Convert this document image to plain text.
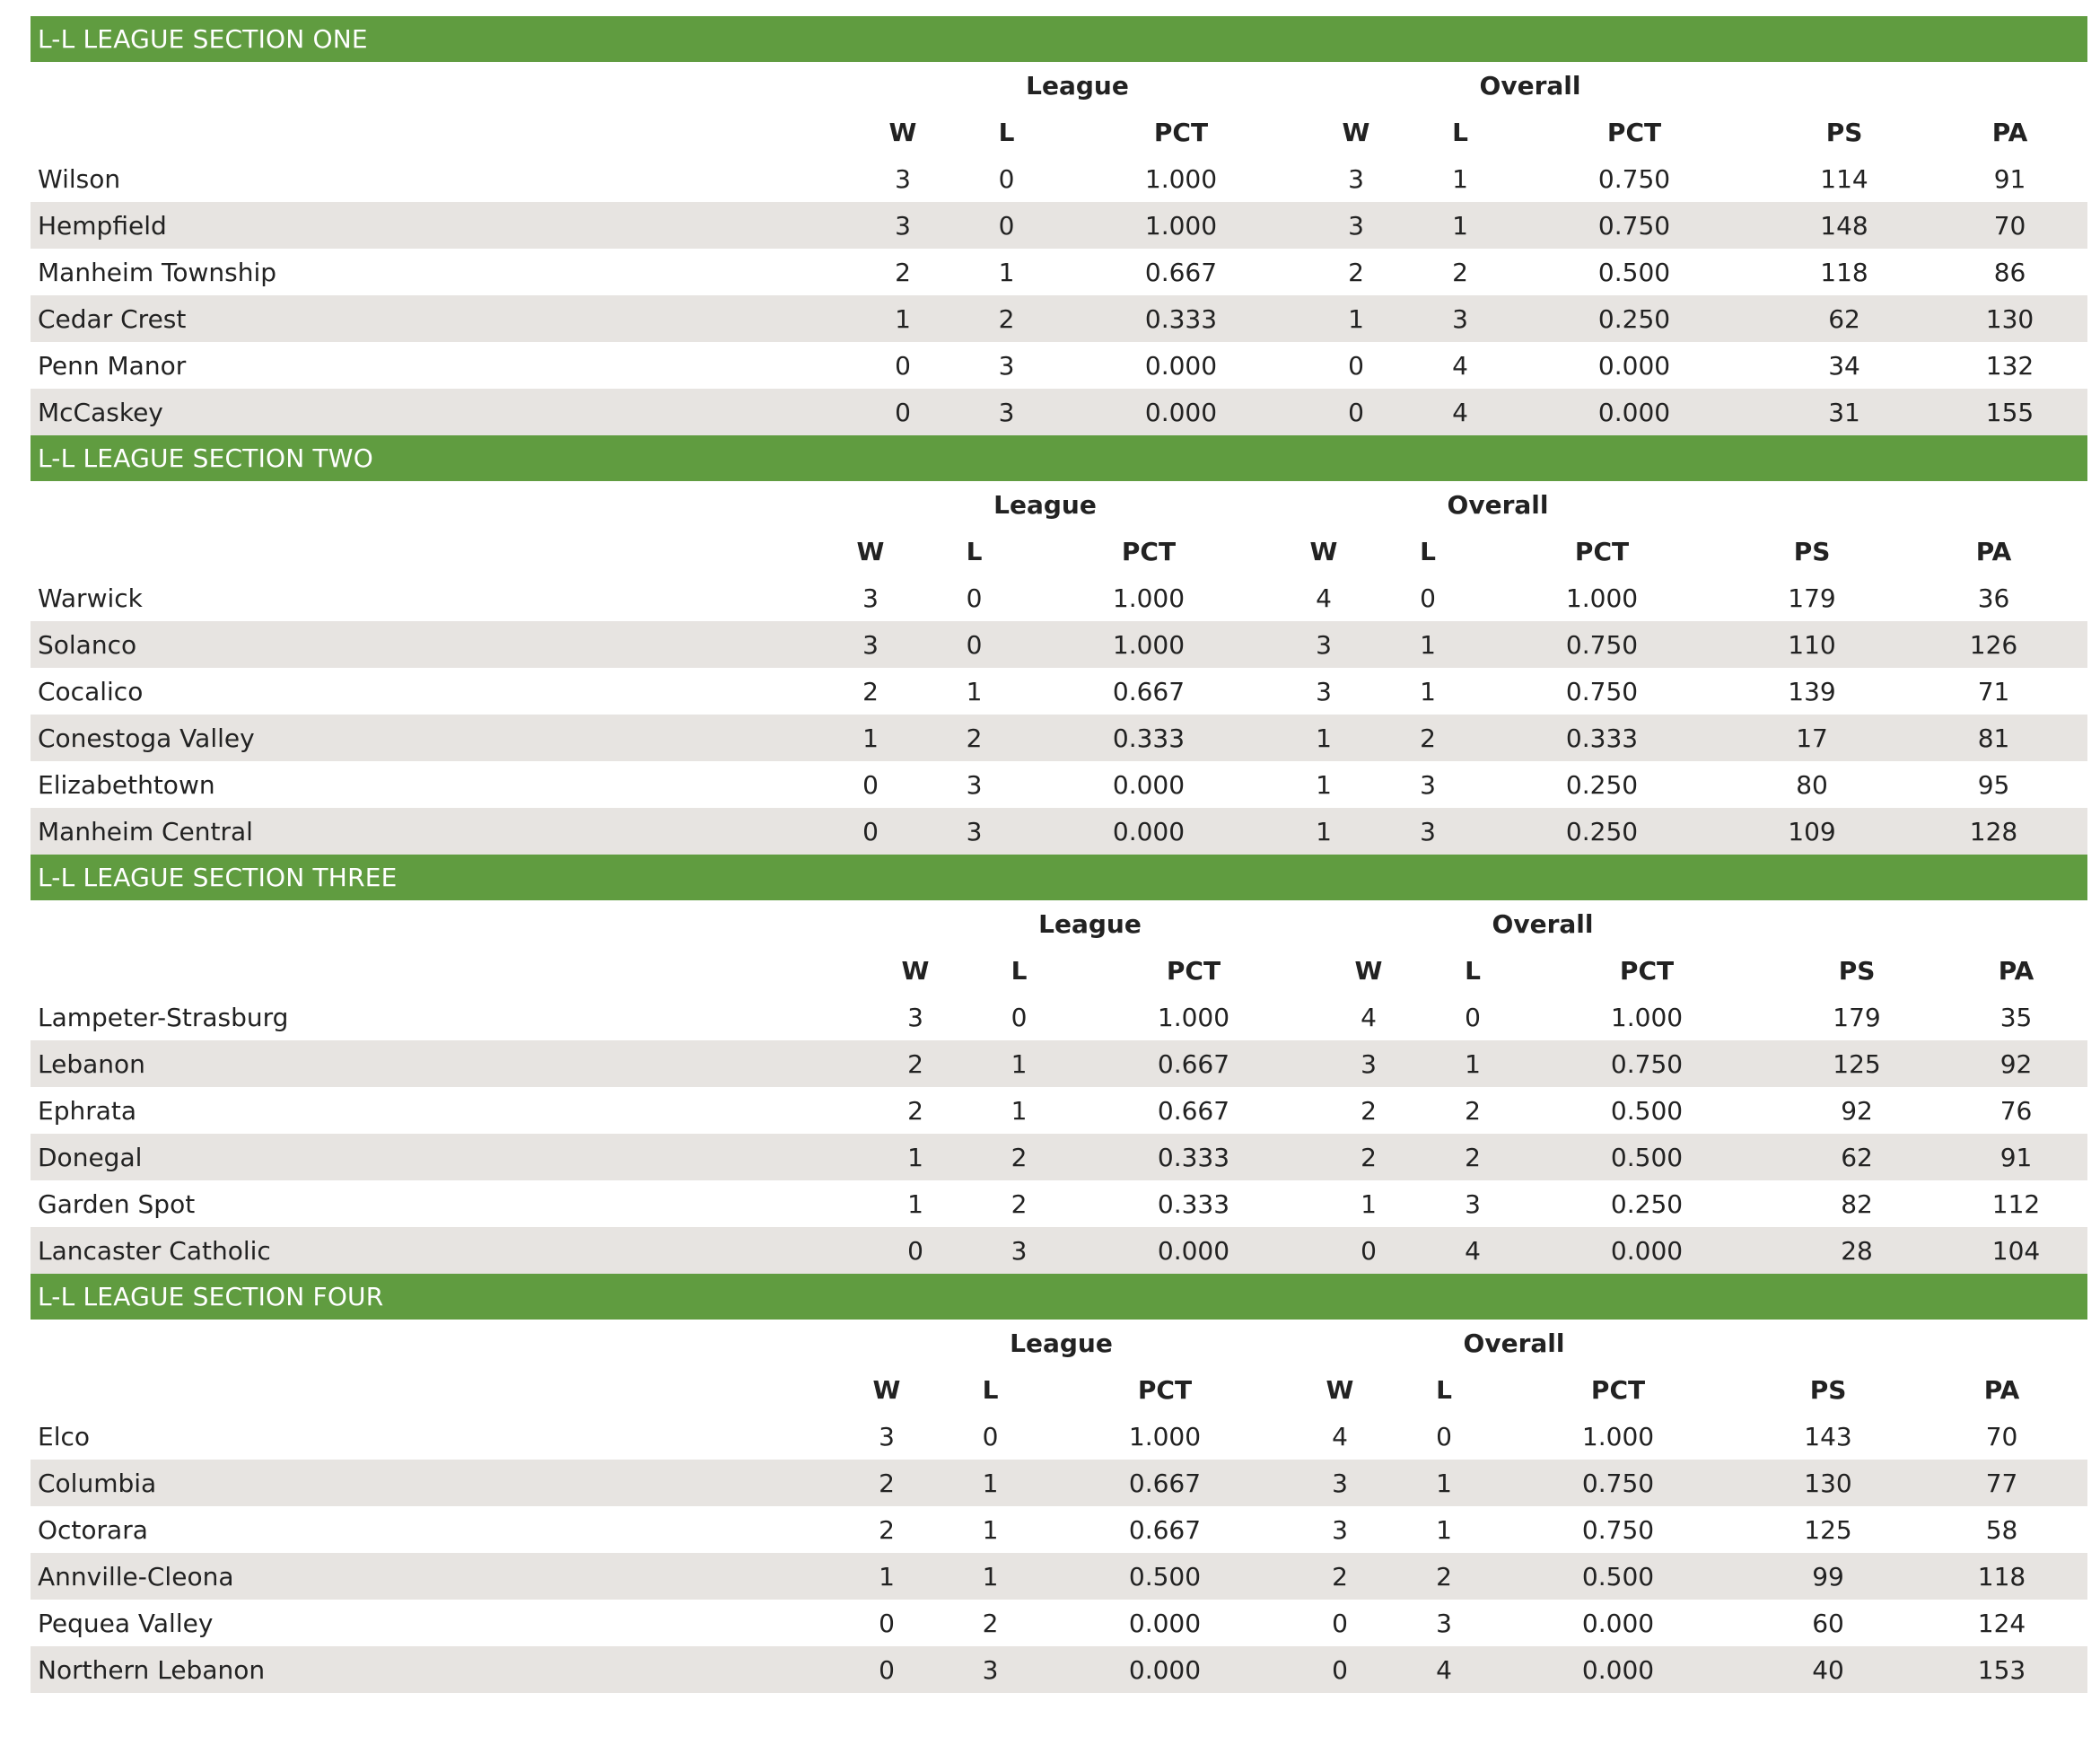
L-L LEAGUE SECTION ONE
	League			Overall				
	W	L	PCT	W	L	PCT	PS	PA
Wilson	3	0	1.000	3	1	0.750	114	91
Hempfield	3	0	1.000	3	1	0.750	148	70
Manheim Township	2	1	0.667	2	2	0.500	118	86
Cedar Crest	1	2	0.333	1	3	0.250	62	130
Penn Manor	0	3	0.000	0	4	0.000	34	132
McCaskey	0	3	0.000	0	4	0.000	31	155
L-L LEAGUE SECTION TWO
	League			Overall				
	W	L	PCT	W	L	PCT	PS	PA
Warwick	3	0	1.000	4	0	1.000	179	36
Solanco	3	0	1.000	3	1	0.750	110	126
Cocalico	2	1	0.667	3	1	0.750	139	71
Conestoga Valley	1	2	0.333	1	2	0.333	17	81
Elizabethtown	0	3	0.000	1	3	0.250	80	95
Manheim Central	0	3	0.000	1	3	0.250	109	128
L-L LEAGUE SECTION THREE
	League			Overall				
	W	L	PCT	W	L	PCT	PS	PA
Lampeter-Strasburg	3	0	1.000	4	0	1.000	179	35
Lebanon	2	1	0.667	3	1	0.750	125	92
Ephrata	2	1	0.667	2	2	0.500	92	76
Donegal	1	2	0.333	2	2	0.500	62	91
Garden Spot	1	2	0.333	1	3	0.250	82	112
Lancaster Catholic	0	3	0.000	0	4	0.000	28	104
L-L LEAGUE SECTION FOUR
	League			Overall				
	W	L	PCT	W	L	PCT	PS	PA
Elco	3	0	1.000	4	0	1.000	143	70
Columbia	2	1	0.667	3	1	0.750	130	77
Octorara	2	1	0.667	3	1	0.750	125	58
Annville-Cleona	1	1	0.500	2	2	0.500	99	118
Pequea Valley	0	2	0.000	0	3	0.000	60	124
Northern Lebanon	0	3	0.000	0	4	0.000	40	153
